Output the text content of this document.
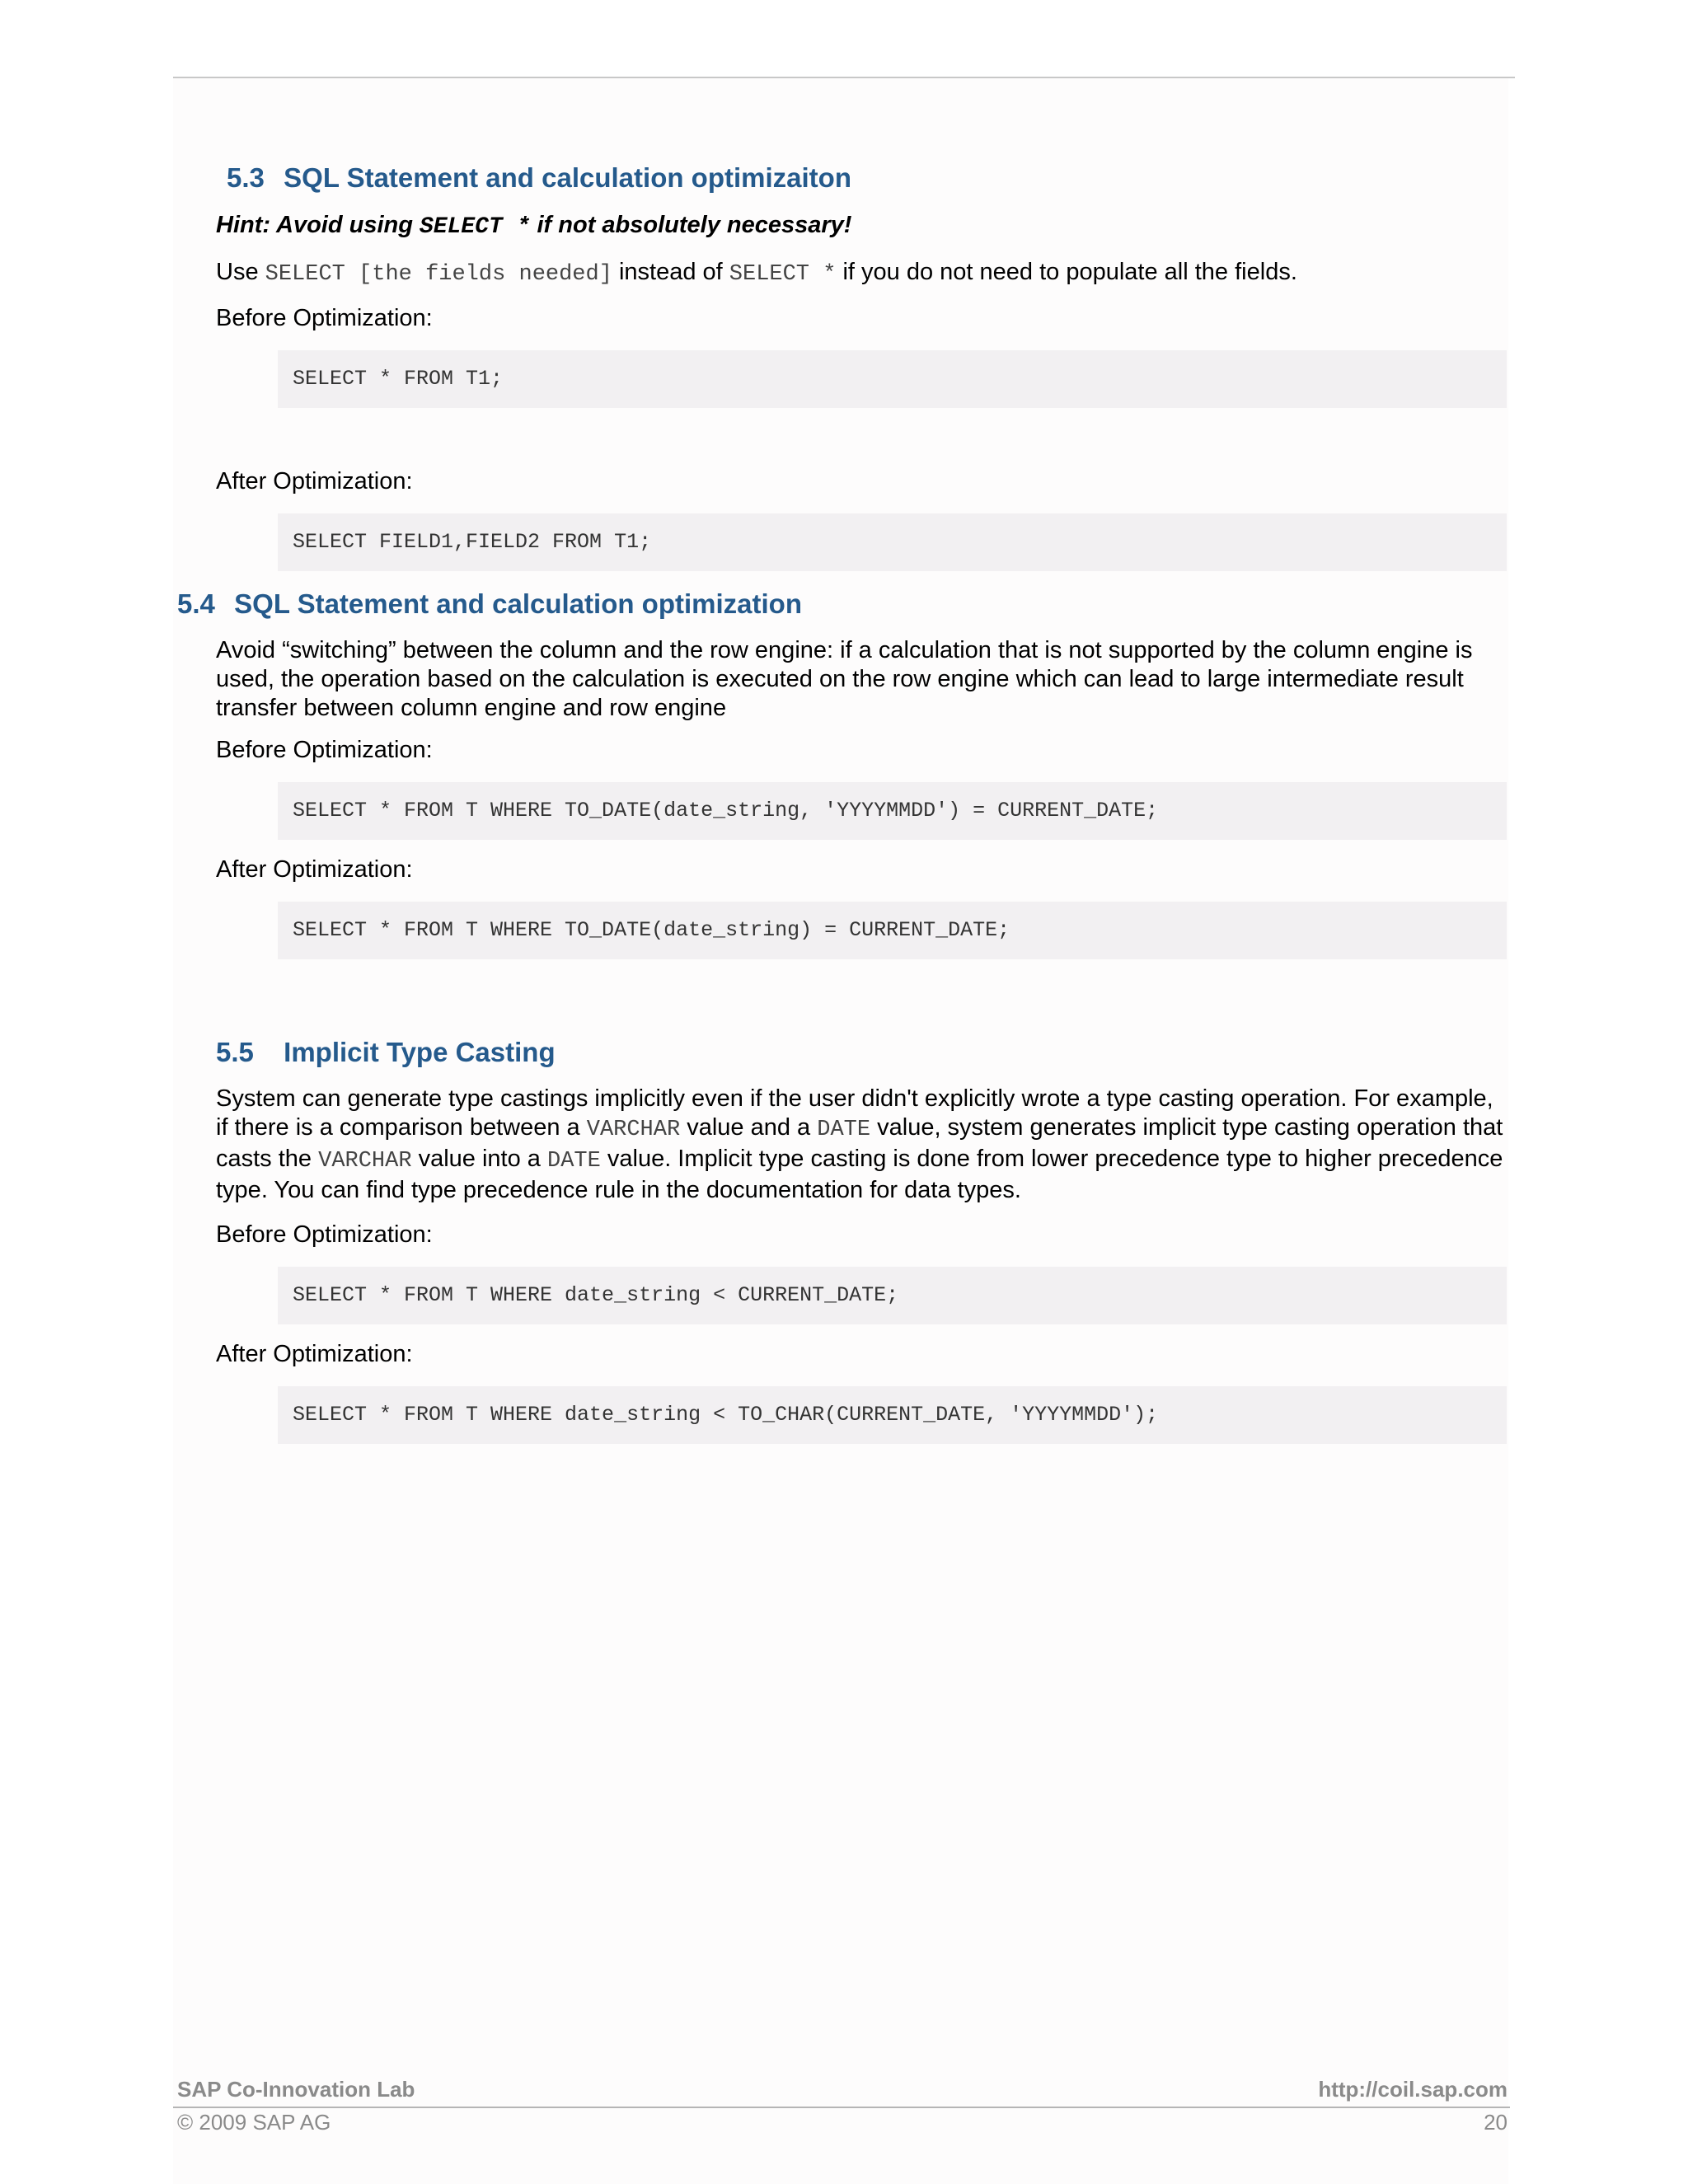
5.3 SQL Statement and calculation optimizaiton

Hint: Avoid using SELECT * if not absolutely necessary!

Use SELECT [the fields needed] instead of SELECT * if you do not need to populate all the fields.

Before Optimization:

SELECT * FROM T1;

After Optimization:

SELECT FIELD1,FIELD2 FROM T1;
5.4 SQL Statement and calculation optimization

Avoid “switching” between the column and the row engine: if a calculation that is not supported by the column engine is used, the operation based on the calculation is executed on the row engine which can lead to large intermediate result transfer between column engine and row engine

Before Optimization:

SELECT * FROM T WHERE TO_DATE(date_string, 'YYYYMMDD') = CURRENT_DATE;

After Optimization:

SELECT * FROM T WHERE TO_DATE(date_string) = CURRENT_DATE;
5.5 Implicit Type Casting

System can generate type castings implicitly even if the user didn't explicitly wrote a type casting operation. For example, if there is a comparison between a VARCHAR value and a DATE value, system generates implicit type casting operation that casts the VARCHAR value into a DATE value. Implicit type casting is done from lower precedence type to higher precedence type. You can find type precedence rule in the documentation for data types.

Before Optimization:

SELECT * FROM T WHERE date_string < CURRENT_DATE;

After Optimization:

SELECT * FROM T WHERE date_string < TO_CHAR(CURRENT_DATE, 'YYYYMMDD');

SAP Co-Innovation Lab	http://coil.sap.com

© 2009 SAP AG	20
